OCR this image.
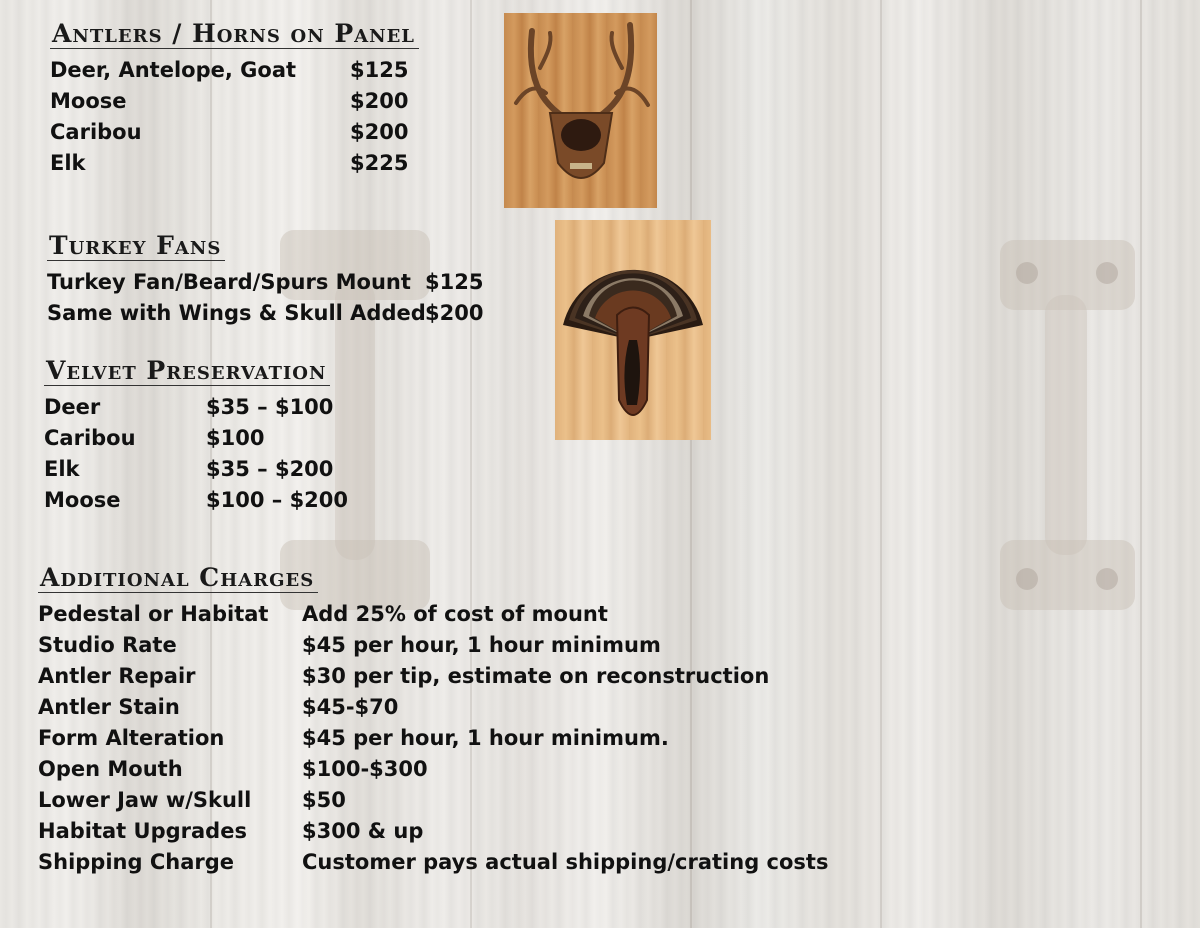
Antlers / Horns on Panel
Deer, Antelope, Goat	$125
Moose	$200
Caribou	$200
Elk	$225
Turkey Fans
Turkey Fan/Beard/Spurs Mount $125
Same with Wings & Skull Added $200
Velvet Preservation
Deer	$35 – $100
Caribou	$100
Elk	$35 – $200
Moose	$100 – $200
Additional Charges
Pedestal or Habitat	Add 25% of cost of mount
Studio Rate	$45 per hour, 1 hour minimum
Antler Repair	$30 per tip, estimate on reconstruction
Antler Stain	$45-$70
Form Alteration	$45 per hour, 1 hour minimum.
Open Mouth	$100-$300
Lower Jaw w/Skull	$50
Habitat Upgrades	$300 & up
Shipping Charge	Customer pays actual shipping/crating costs
